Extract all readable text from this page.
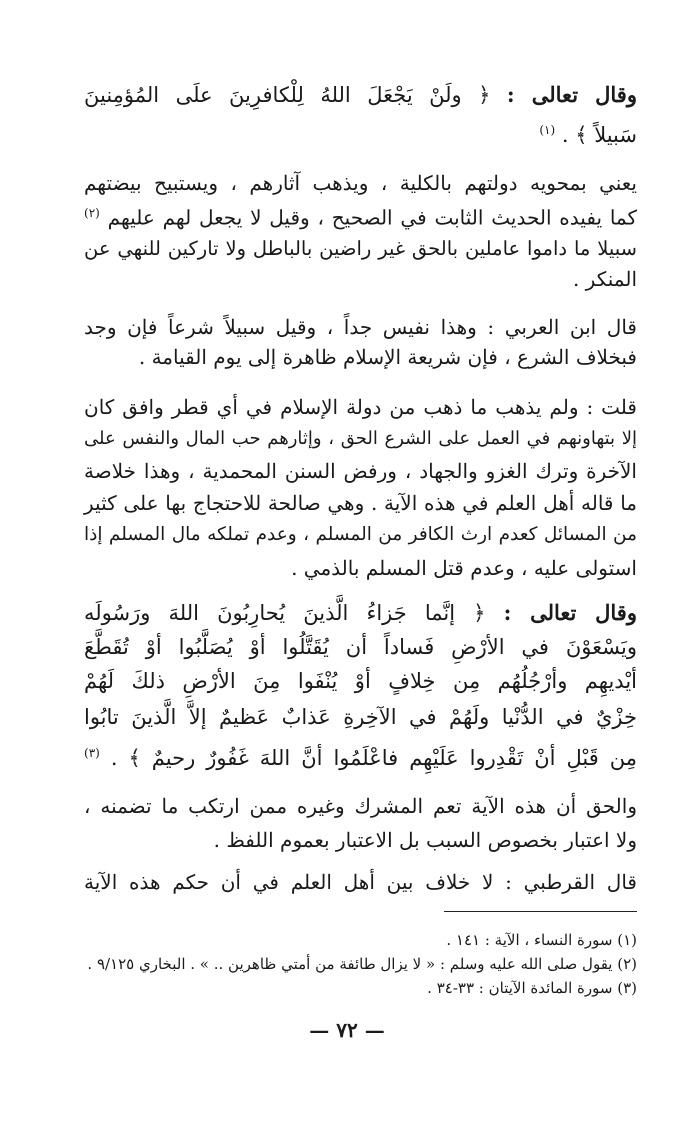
وقال تعالى : ﴿ ولَنْ يَجْعَلَ اللهُ لِلْكافرِينَ علَى المُؤمِنينَ

سَبيلاً ﴾ . $^{(١)}$

يعني بمحويه دولتهم بالكلية ، ويذهب آثارهم ، ويستبيح بيضتهم

كما يفيده الحديث الثابت في الصحيح ، وقيل لا يجعل لهم عليهم $^{(٢)}$

سبيلا ما داموا عاملين بالحق غير راضين بالباطل ولا تاركين للنهي عن

المنكر .

قال ابن العربي : وهذا نفيس جداً ، وقيل سبيلاً شرعاً فإن وجد

فبخلاف الشرع ، فإن شريعة الإسلام ظاهرة إلى يوم القيامة .

قلت : ولم يذهب ما ذهب من دولة الإسلام في أي قطر وافق كان

إلا بتهاونهم في العمل على الشرع الحق ، وإثارهم حب المال والنفس على

الآخرة وترك الغزو والجهاد ، ورفض السنن المحمدية ، وهذا خلاصة

ما قاله أهل العلم في هذه الآية . وهي صالحة للاحتجاج بها على كثير

من المسائل كعدم ارث الكافر من المسلم ، وعدم تملكه مال المسلم إذا

استولى عليه ، وعدم قتل المسلم بالذمي .

وقال تعالى : ﴿ إنَّما جَزاءُ الَّذينَ يُحارِبُونَ اللهَ ورَسُولَه

ويَسْعَوْنَ في الأرْضِ فَساداً أن يُقَتَّلُوا أوْ يُصَلَّبُوا أوْ تُقَطَّعَ

أيْديهِم وأرْجُلُهُم مِن خِلافٍ أوْ يُنْفَوا مِنَ الأرْضِ ذلكَ لَهُمْ

خِزْيٌ في الدُّنْيا ولَهُمْ في الآخِرةِ عَذابٌ عَظيمٌ إلاَّ الَّذينَ تابُوا

مِن قَبْلِ أنْ تَقْدِروا عَلَيْهِم فاعْلَمُوا أنَّ اللهَ غَفُورٌ رحيمٌ ﴾ . $^{(٣)}$

والحق أن هذه الآية تعم المشرك وغيره ممن ارتكب ما تضمنه ،

ولا اعتبار بخصوص السبب بل الاعتبار بعموم اللفظ .

قال القرطبي : لا خلاف بين أهل العلم في أن حكم هذه الآية

(١) سورة النساء ، الآية : ١٤١ .

(٢) يقول صلى الله عليه وسلم : « لا يزال طائفة من أمتي ظاهرين .. » . البخاري ٩/١٢٥ .

(٣) سورة المائدة الآيتان : ٣٣-٣٤ .

— ٧٢ —
